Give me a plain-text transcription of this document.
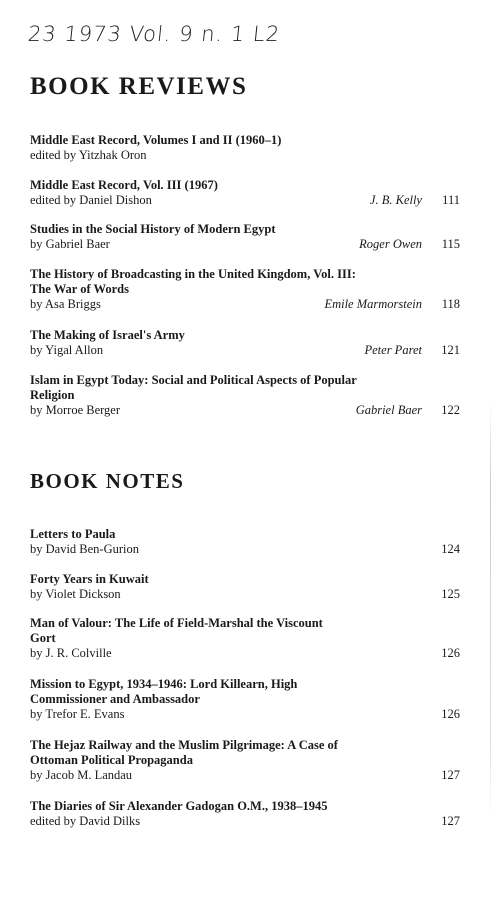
23 1973 Vol. 9 n. 1 L2
BOOK REVIEWS
Middle East Record, Volumes I and II (1960–1)
edited by Yitzhak Oron
Middle East Record, Vol. III (1967)
edited by Daniel Dishon	J. B. Kelly	111
Studies in the Social History of Modern Egypt
by Gabriel Baer	Roger Owen	115
The History of Broadcasting in the United Kingdom, Vol. III: The War of Words
by Asa Briggs	Emile Marmorstein	118
The Making of Israel's Army
by Yigal Allon	Peter Paret	121
Islam in Egypt Today: Social and Political Aspects of Popular Religion
by Morroe Berger	Gabriel Baer	122
BOOK NOTES
Letters to Paula
by David Ben-Gurion	124
Forty Years in Kuwait
by Violet Dickson	125
Man of Valour: The Life of Field-Marshal the Viscount Gort
by J. R. Colville	126
Mission to Egypt, 1934–1946: Lord Killearn, High Commissioner and Ambassador
by Trefor E. Evans	126
The Hejaz Railway and the Muslim Pilgrimage: A Case of Ottoman Political Propaganda
by Jacob M. Landau	127
The Diaries of Sir Alexander Gadogan O.M., 1938–1945
edited by David Dilks	127
